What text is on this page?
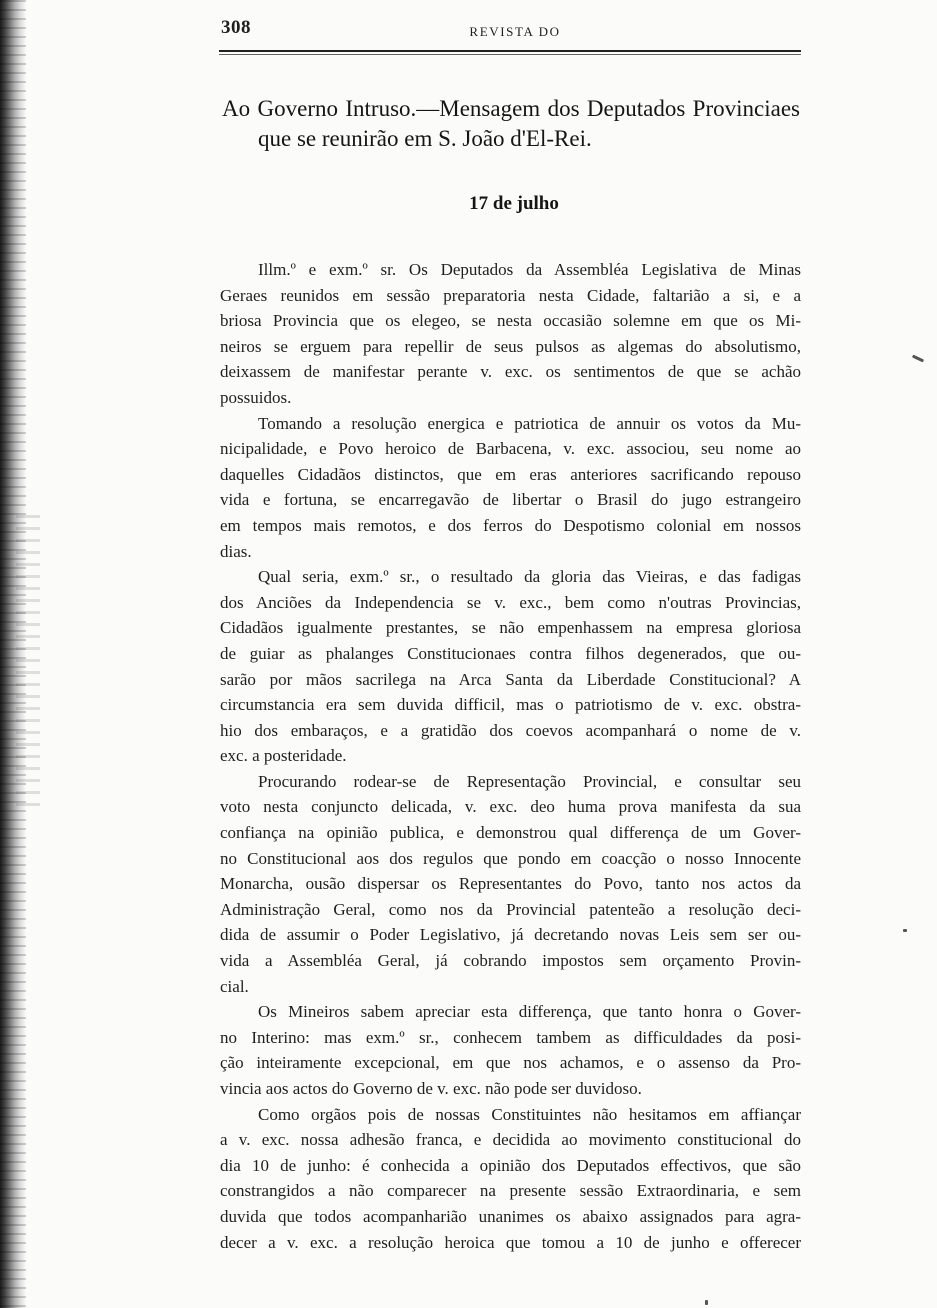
308	REVISTA DO
Ao Governo Intruso.—Mensagem dos Deputados Provinciaes
que se reunirão em S. João d'El-Rei.
17 de julho
Illm.º e exm.º sr. Os Deputados da Assembléa Legislativa de Minas
Geraes reunidos em sessão preparatoria nesta Cidade, faltarião a si, e a
briosa Provincia que os elegeo, se nesta occasião solemne em que os Mi-
neiros se erguem para repellir de seus pulsos as algemas do absolutismo,
deixassem de manifestar perante v. exc. os sentimentos de que se achão
possuidos.
Tomando a resolução energica e patriotica de annuir os votos da Mu-
nicipalidade, e Povo heroico de Barbacena, v. exc. associou, seu nome ao
daquelles Cidadãos distinctos, que em eras anteriores sacrificando repouso
vida e fortuna, se encarregavão de libertar o Brasil do jugo estrangeiro
em tempos mais remotos, e dos ferros do Despotismo colonial em nossos
dias.
Qual seria, exm.º sr., o resultado da gloria das Vieiras, e das fadigas
dos Anciões da Independencia se v. exc., bem como n'outras Provincias,
Cidadãos igualmente prestantes, se não empenhassem na empresa gloriosa
de guiar as phalanges Constitucionaes contra filhos degenerados, que ou-
sarão por mãos sacrilega na Arca Santa da Liberdade Constitucional? A
circumstancia era sem duvida difficil, mas o patriotismo de v. exc. obstra-
hio dos embaraços, e a gratidão dos coevos acompanhará o nome de v.
exc. a posteridade.
Procurando rodear-se de Representação Provincial, e consultar seu
voto nesta conjuncto delicada, v. exc. deo huma prova manifesta da sua
confiança na opinião publica, e demonstrou qual differença de um Gover-
no Constitucional aos dos regulos que pondo em coacção o nosso Innocente
Monarcha, ousão dispersar os Representantes do Povo, tanto nos actos da
Administração Geral, como nos da Provincial patenteão a resolução deci-
dida de assumir o Poder Legislativo, já decretando novas Leis sem ser ou-
vida a Assembléa Geral, já cobrando impostos sem orçamento Provin-
cial.
Os Mineiros sabem apreciar esta differença, que tanto honra o Gover-
no Interino: mas exm.º sr., conhecem tambem as difficuldades da posi-
ção inteiramente excepcional, em que nos achamos, e o assenso da Pro-
vincia aos actos do Governo de v. exc. não pode ser duvidoso.
Como orgãos pois de nossas Constituintes não hesitamos em affiançar
a v. exc. nossa adhesão franca, e decidida ao movimento constitucional do
dia 10 de junho: é conhecida a opinião dos Deputados effectivos, que são
constrangidos a não comparecer na presente sessão Extraordinaria, e sem
duvida que todos acompanharião unanimes os abaixo assignados para agra-
decer a v. exc. a resolução heroica que tomou a 10 de junho e offerecer
